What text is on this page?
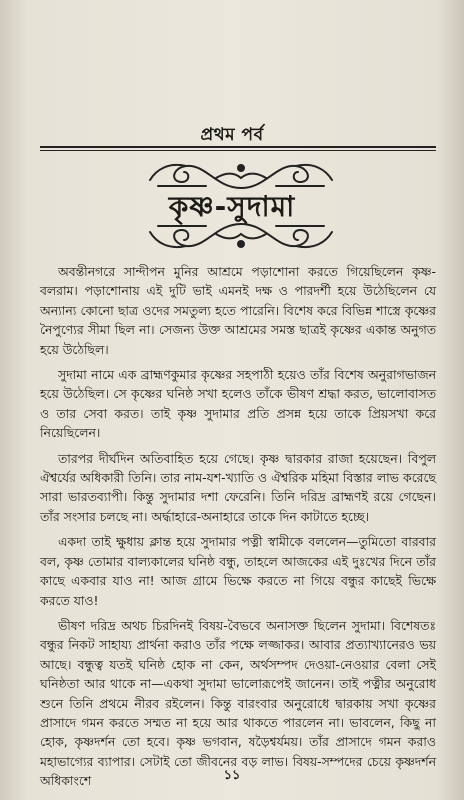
প্রথম পর্ব
কৃষ্ণ-সুদামা

অবন্তীনগরে সান্দীপন মুনির আশ্রমে পড়াশোনা করতে গিয়েছিলেন কৃষ্ণ-বলরাম। পড়াশোনায় এই দুটি ভাই এমনই দক্ষ ও পারদর্শী হয়ে উঠেছিলেন যে অন্যান্য কোনো ছাত্র ওদের সমতুল্য হতে পারেনি। বিশেষ করে বিভিন্ন শাস্ত্রে কৃষ্ণের নৈপুণ্যের সীমা ছিল না। সেজন্য উক্ত আশ্রমের সমস্ত ছাত্রই কৃষ্ণের একান্ত অনুগত হয়ে উঠেছিল।

সুদামা নামে এক ব্রাহ্মণকুমার কৃষ্ণের সহপাঠী হয়েও তাঁর বিশেষ অনুরাগভাজন হয়ে উঠেছিল। সে কৃষ্ণের ঘনিষ্ঠ সখা হলেও তাঁকে ভীষণ শ্রদ্ধা করত, ভালোবাসত ও তার সেবা করত। তাই কৃষ্ণ সুদামার প্রতি প্রসন্ন হয়ে তাকে প্রিয়সখা করে নিয়েছিলেন।

তারপর দীর্ঘদিন অতিবাহিত হয়ে গেছে। কৃষ্ণ দ্বারকার রাজা হয়েছেন। বিপুল ঐশ্বর্যের অধিকারী তিনি। তার নাম-যশ-খ্যাতি ও ঐশ্বরিক মহিমা বিস্তার লাভ করেছে সারা ভারতব্যাপী। কিন্তু সুদামার দশা ফেরেনি। তিনি দরিদ্র ব্রাহ্মণই রয়ে গেছেন। তাঁর সংসার চলছে না। অর্দ্ধাহারে-অনাহারে তাকে দিন কাটাতে হচ্ছে।

একদা তাই ক্ষুধায় ক্লান্ত হয়ে সুদামার পত্নী স্বামীকে বললেন—তুমিতো বারবার বল, কৃষ্ণ তোমার বাল্যকালের ঘনিষ্ঠ বন্ধু, তাহলে আজকের এই দুঃখের দিনে তাঁর কাছে একবার যাও না! আজ গ্রামে ভিক্ষে করতে না গিয়ে বন্ধুর কাছেই ভিক্ষে করতে যাও!

ভীষণ দরিদ্র অথচ চিরদিনই বিষয়-বৈভবে অনাসক্ত ছিলেন সুদামা। বিশেষতঃ বন্ধুর নিকট সাহায্য প্রার্থনা করাও তাঁর পক্ষে লজ্জাকর। আবার প্রত্যাখ্যানেরও ভয় আছে। বন্ধুত্ব যতই ঘনিষ্ঠ হোক না কেন, অর্থসম্পদ দেওয়া-নেওয়ার বেলা সেই ঘনিষ্ঠতা আর থাকে না—একথা সুদামা ভালোরূপেই জানেন। তাই পত্নীর অনুরোধ শুনে তিনি প্রথমে নীরব রইলেন। কিন্তু বারংবার অনুরোধে দ্বারকায় সখা কৃষ্ণের প্রাসাদে গমন করতে সম্মত না হয়ে আর থাকতে পারলেন না। ভাবলেন, কিছু না হোক, কৃষ্ণদর্শন তো হবে। কৃষ্ণ ভগবান, ষড়ৈশ্বর্যময়। তাঁর প্রাসাদে গমন করাও মহাভাগ্যের ব্যাপার। সেটাই তো জীবনের বড় লাভ। বিষয়-সম্পদের চেয়ে কৃষ্ণদর্শন অধিকাংশে	১১
